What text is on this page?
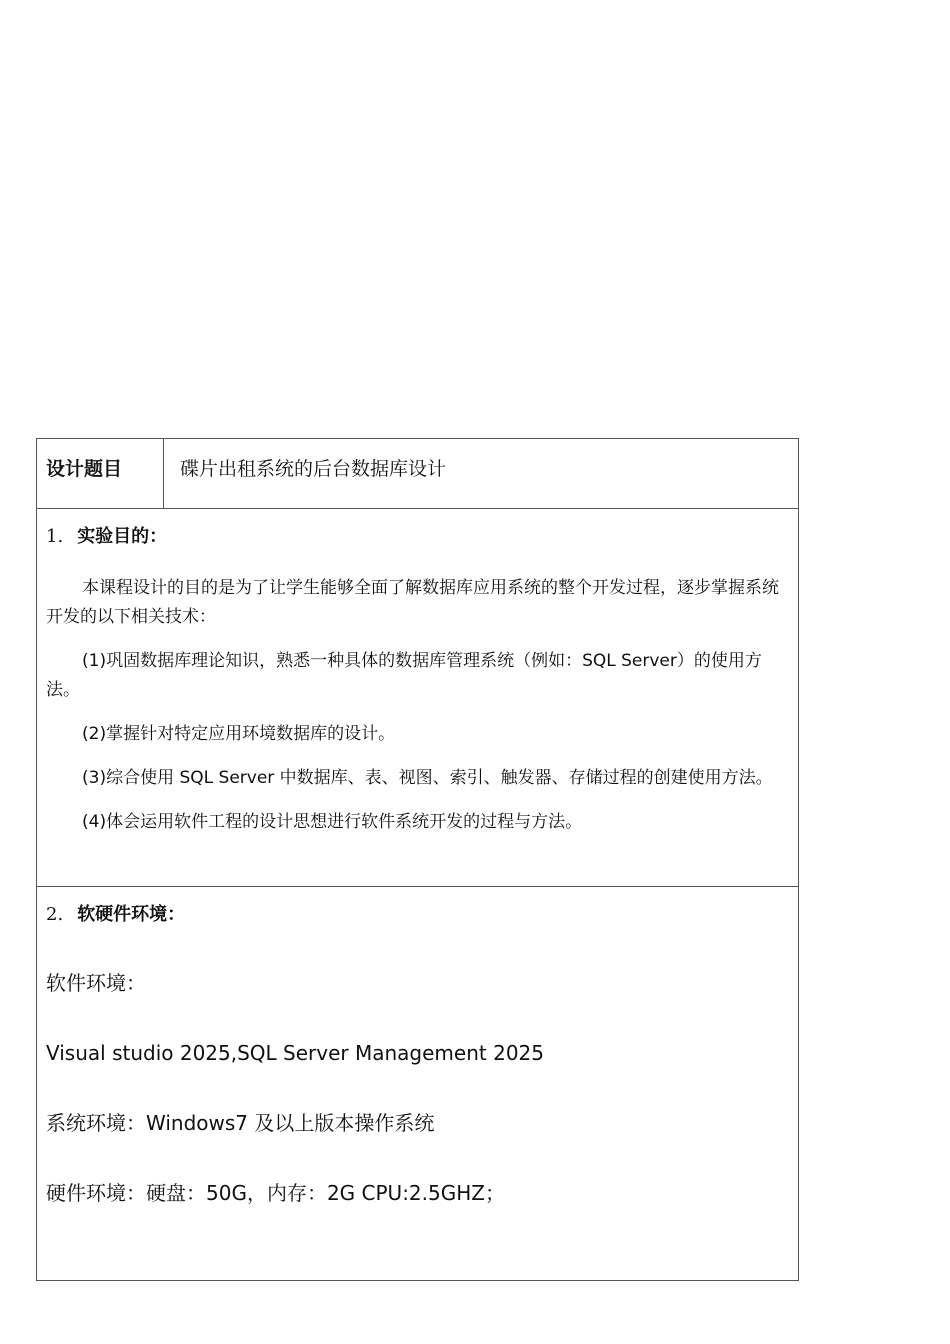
设计题目	碟片出租系统的后台数据库设计

1. 实验目的：

本课程设计的目的是为了让学生能够全面了解数据库应用系统的整个开发过程，逐步掌握系统开发的以下相关技术：

(1)巩固数据库理论知识，熟悉一种具体的数据库管理系统（例如：SQL Server）的使用方法。

(2)掌握针对特定应用环境数据库的设计。

(3)综合使用 SQL Server 中数据库、表、视图、索引、触发器、存储过程的创建使用方法。

(4)体会运用软件工程的设计思想进行软件系统开发的过程与方法。

2. 软硬件环境：

软件环境：

Visual studio 2025,SQL Server Management 2025

系统环境：Windows7 及以上版本操作系统

硬件环境：硬盘：50G，内存：2G CPU:2.5GHZ；
